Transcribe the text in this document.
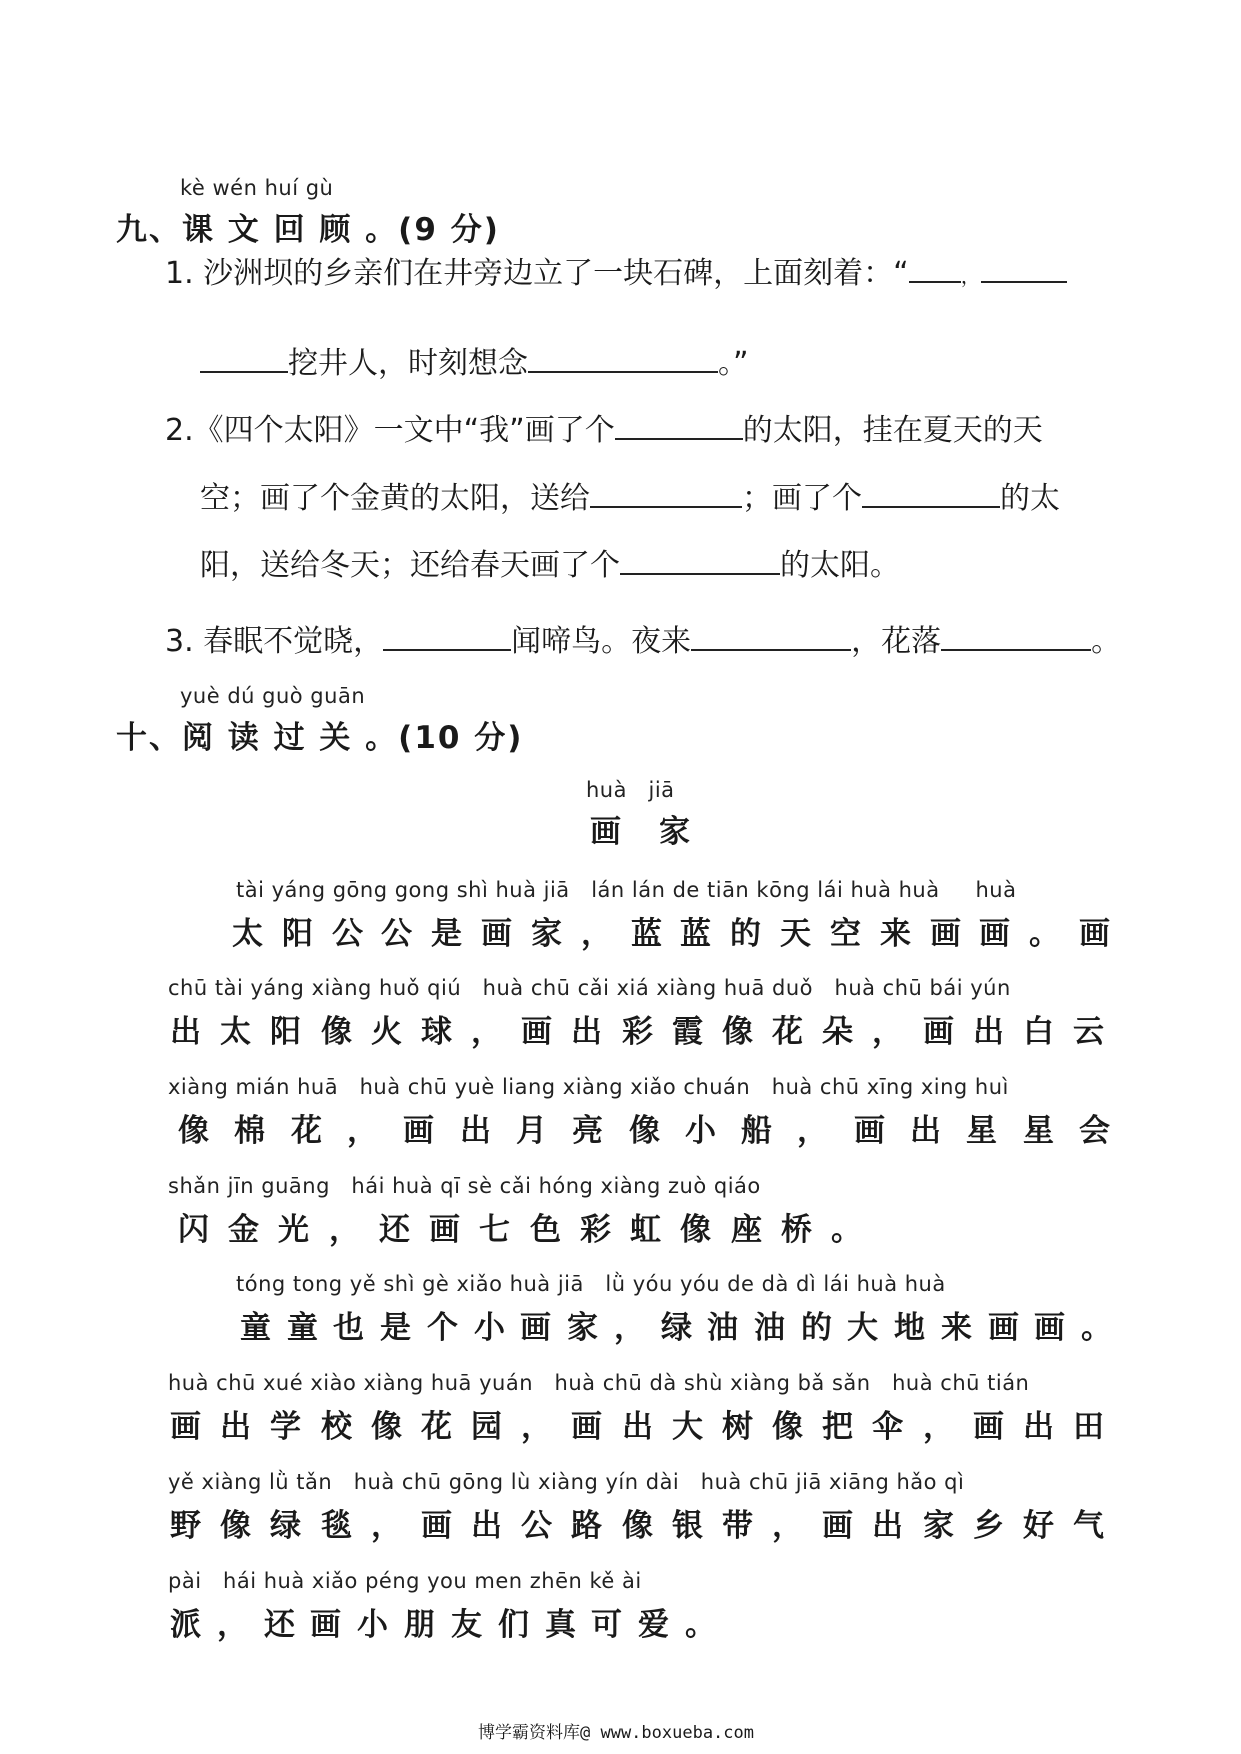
kè wén huí gù
九、课 文 回 顾 。(9 分)
1. 沙洲坝的乡亲们在井旁边立了一块石碑，上面刻着：“	，
挖井人，时刻想念	。”
2.《四个太阳》一文中“我”画了个	的太阳，挂在夏天的天
空；画了个金黄的太阳，送给	；画了个	的太
阳，送给冬天；还给春天画了个	的太阳。
3. 春眠不觉晓，	闻啼鸟。夜来	，花落	。
yuè dú guò guān
十、阅 读 过 关 。(10 分)
huà   jiā
画家
tài yáng gōng gong shì huà jiā   lán lán de tiān kōng lái huà huà     huà
太 阳 公 公 是 画 家 ， 蓝 蓝 的 天 空 来 画 画 。 画
chū tài yáng xiàng huǒ qiú   huà chū cǎi xiá xiàng huā duǒ   huà chū bái yún
出 太 阳 像 火 球 ， 画 出 彩 霞 像 花 朵 ， 画 出 白 云
xiàng mián huā   huà chū yuè liang xiàng xiǎo chuán   huà chū xīng xing huì
像 棉 花 ， 画 出 月 亮 像 小 船 ， 画 出 星 星 会
shǎn jīn guāng   hái huà qī sè cǎi hóng xiàng zuò qiáo
闪 金 光 ， 还 画 七 色 彩 虹 像 座 桥 。
tóng tong yě shì gè xiǎo huà jiā   lǜ yóu yóu de dà dì lái huà huà
童 童 也 是 个 小 画 家 ， 绿 油 油 的 大 地 来 画 画 。
huà chū xué xiào xiàng huā yuán   huà chū dà shù xiàng bǎ sǎn   huà chū tián
画 出 学 校 像 花 园 ， 画 出 大 树 像 把 伞 ， 画 出 田
yě xiàng lǜ tǎn   huà chū gōng lù xiàng yín dài   huà chū jiā xiāng hǎo qì
野 像 绿 毯 ， 画 出 公 路 像 银 带 ， 画 出 家 乡 好 气
pài   hái huà xiǎo péng you men zhēn kě ài
派 ， 还 画 小 朋 友 们 真 可 爱 。
博学霸资料库@ www.boxueba.com
